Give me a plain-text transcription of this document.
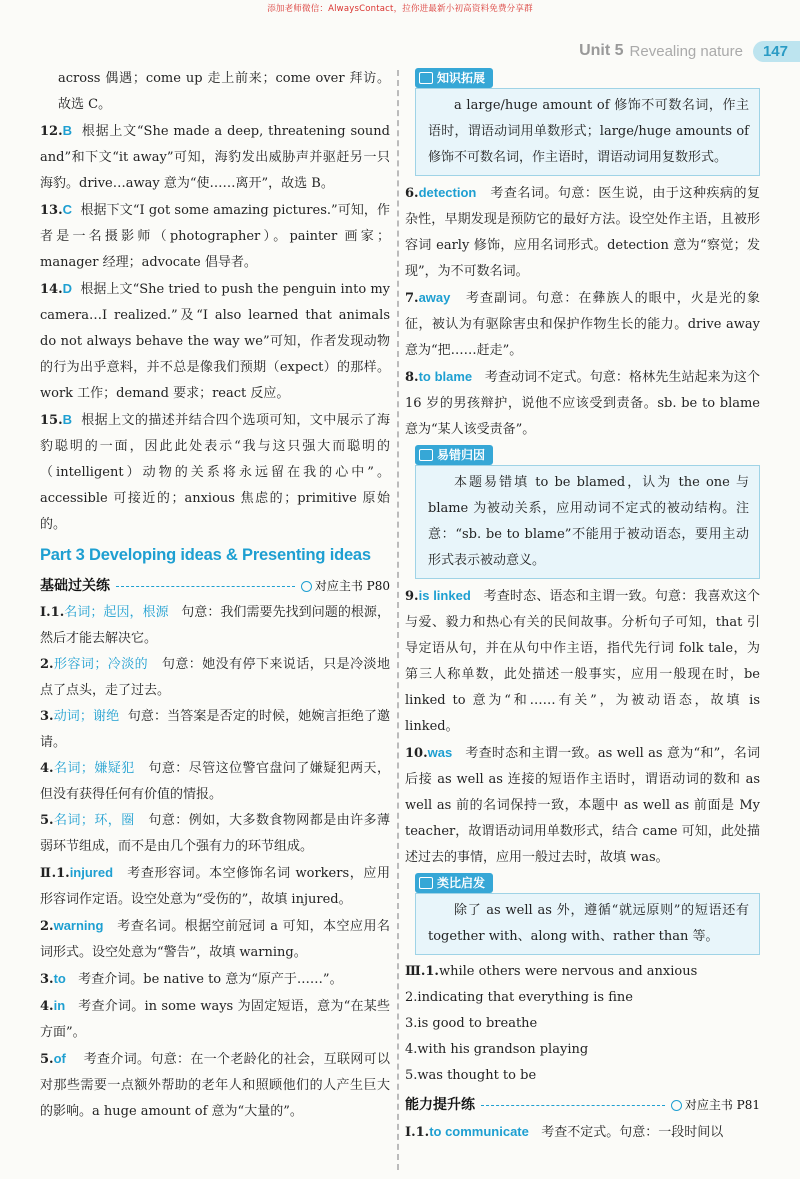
添加老师微信：AlwaysContact，拉你进最新小初高资料免费分享群
Unit 5 Revealing nature	147

across 偶遇；come up 走上前来；come over 拜访。故选 C。

12.B 根据上文“She made a deep, threatening sound and”和下文“it away”可知，海豹发出威胁声并驱赶另一只海豹。drive…away 意为“使……离开”，故选 B。

13.C 根据下文“I got some amazing pictures.”可知，作者是一名摄影师（photographer）。painter 画家；manager 经理；advocate 倡导者。

14.D 根据上文“She tried to push the penguin into my camera…I realized.”及“I also learned that animals do not always behave the way we”可知，作者发现动物的行为出乎意料，并不总是像我们预期（expect）的那样。work 工作；demand 要求；react 反应。

15.B 根据上文的描述并结合四个选项可知，文中展示了海豹聪明的一面，因此此处表示“我与这只强大而聪明的（intelligent）动物的关系将永远留在我的心中”。accessible 可接近的；anxious 焦虑的；primitive 原始的。

Part 3 Developing ideas & Presenting ideas
基础过关练	对应主书 P80

Ⅰ.1.名词；起因，根源 句意：我们需要先找到问题的根源，然后才能去解决它。

2.形容词；冷淡的 句意：她没有停下来说话，只是冷淡地点了点头，走了过去。

3.动词；谢绝 句意：当答案是否定的时候，她婉言拒绝了邀请。

4.名词；嫌疑犯 句意：尽管这位警官盘问了嫌疑犯两天，但没有获得任何有价值的情报。

5.名词；环，圈 句意：例如，大多数食物网都是由许多薄弱环节组成，而不是由几个强有力的环节组成。

Ⅱ.1.injured 考查形容词。本空修饰名词 workers，应用形容词作定语。设空处意为“受伤的”，故填 injured。

2.warning 考查名词。根据空前冠词 a 可知，本空应用名词形式。设空处意为“警告”，故填 warning。

3.to 考查介词。be native to 意为“原产于……”。

4.in 考查介词。in some ways 为固定短语，意为“在某些方面”。

5.of 考查介词。句意：在一个老龄化的社会，互联网可以对那些需要一点额外帮助的老年人和照顾他们的人产生巨大的影响。a huge amount of 意为“大量的”。

知识拓展

a large/huge amount of 修饰不可数名词，作主语时，谓语动词用单数形式；large/huge amounts of 修饰不可数名词，作主语时，谓语动词用复数形式。

6.detection 考查名词。句意：医生说，由于这种疾病的复杂性，早期发现是预防它的最好方法。设空处作主语，且被形容词 early 修饰，应用名词形式。detection 意为“察觉；发现”，为不可数名词。

7.away 考查副词。句意：在彝族人的眼中，火是光的象征，被认为有驱除害虫和保护作物生长的能力。drive away 意为“把……赶走”。

8.to blame 考查动词不定式。句意：格林先生站起来为这个 16 岁的男孩辩护，说他不应该受到责备。sb. be to blame 意为“某人该受责备”。

易错归因

本题易错填 to be blamed，认为 the one 与 blame 为被动关系，应用动词不定式的被动结构。注意：“sb. be to blame”不能用于被动语态，要用主动形式表示被动意义。

9.is linked 考查时态、语态和主谓一致。句意：我喜欢这个与爱、毅力和热心有关的民间故事。分析句子可知，that 引导定语从句，并在从句中作主语，指代先行词 folk tale，为第三人称单数，此处描述一般事实，应用一般现在时，be linked to 意为“和……有关”，为被动语态，故填 is linked。

10.was 考查时态和主谓一致。as well as 意为“和”，名词后接 as well as 连接的短语作主语时，谓语动词的数和 as well as 前的名词保持一致，本题中 as well as 前面是 My teacher，故谓语动词用单数形式，结合 came 可知，此处描述过去的事情，应用一般过去时，故填 was。

类比启发

除了 as well as 外，遵循“就远原则”的短语还有 together with、along with、rather than 等。

Ⅲ.1.while others were nervous and anxious

2.indicating that everything is fine

3.is good to breathe

4.with his grandson playing

5.was thought to be

能力提升练	对应主书 P81

Ⅰ.1.to communicate 考查不定式。句意：一段时间以
